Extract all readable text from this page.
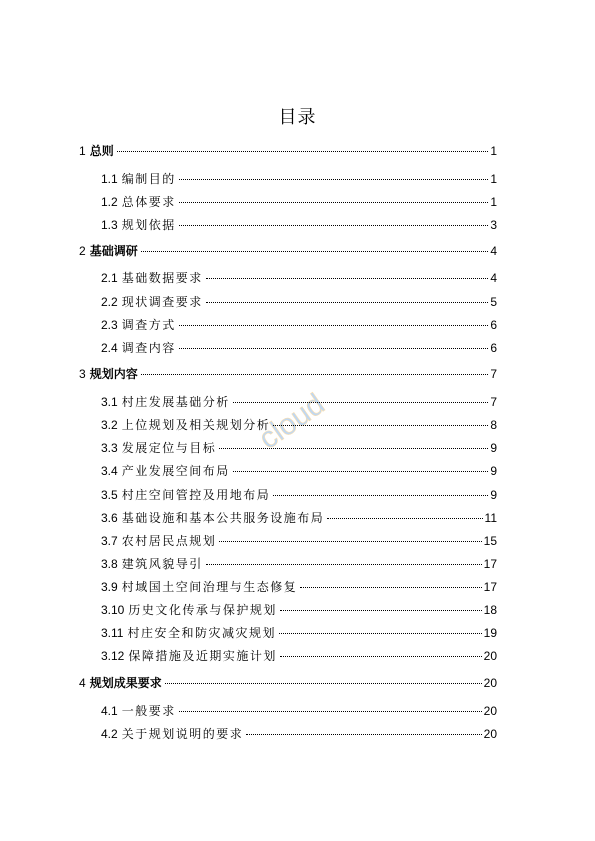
目录
cloud
1 总则	1
1.1 编制目的	1
1.2 总体要求	1
1.3 规划依据	3
2 基础调研	4
2.1 基础数据要求	4
2.2 现状调查要求	5
2.3 调查方式	6
2.4 调查内容	6
3 规划内容	7
3.1 村庄发展基础分析	7
3.2 上位规划及相关规划分析	8
3.3 发展定位与目标	9
3.4 产业发展空间布局	9
3.5 村庄空间管控及用地布局	9
3.6 基础设施和基本公共服务设施布局	11
3.7 农村居民点规划	15
3.8 建筑风貌导引	17
3.9 村域国土空间治理与生态修复	17
3.10 历史文化传承与保护规划	18
3.11 村庄安全和防灾减灾规划	19
3.12 保障措施及近期实施计划	20
4 规划成果要求	20
4.1 一般要求	20
4.2 关于规划说明的要求	20
